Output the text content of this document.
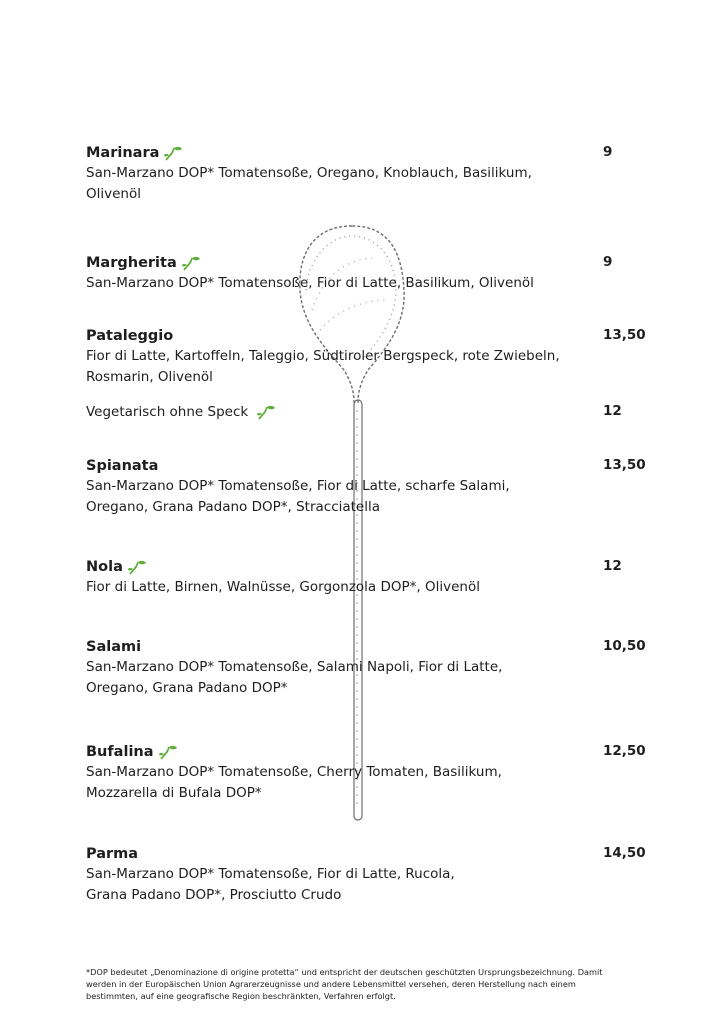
Marinara
San-Marzano DOP* Tomatensoße, Oregano, Knoblauch, Basilikum, Olivenöl
9
Margherita
San-Marzano DOP* Tomatensoße, Fior di Latte, Basilikum, Olivenöl
9
Pataleggio
Fior di Latte, Kartoffeln, Taleggio, Südtiroler Bergspeck, rote Zwiebeln, Rosmarin, Olivenöl
13,50
Vegetarisch ohne Speck	12
Spianata
San-Marzano DOP* Tomatensoße, Fior di Latte, scharfe Salami, Oregano, Grana Padano DOP*, Stracciatella
13,50
Nola
Fior di Latte, Birnen, Walnüsse, Gorgonzola DOP*, Olivenöl
12
Salami
San-Marzano DOP* Tomatensoße, Salami Napoli, Fior di Latte, Oregano, Grana Padano DOP*
10,50
Bufalina
San-Marzano DOP* Tomatensoße, Cherry Tomaten, Basilikum, Mozzarella di Bufala DOP*
12,50
Parma
San-Marzano DOP* Tomatensoße, Fior di Latte, Rucola, Grana Padano DOP*, Prosciutto Crudo
14,50
*DOP bedeutet „Denominazione di origine protetta“ und entspricht der deutschen geschützten Ursprungsbezeichnung. Damit werden in der Europäischen Union Agrarerzeugnisse und andere Lebensmittel versehen, deren Herstellung nach einem bestimmten, auf eine geografische Region beschränkten, Verfahren erfolgt.
